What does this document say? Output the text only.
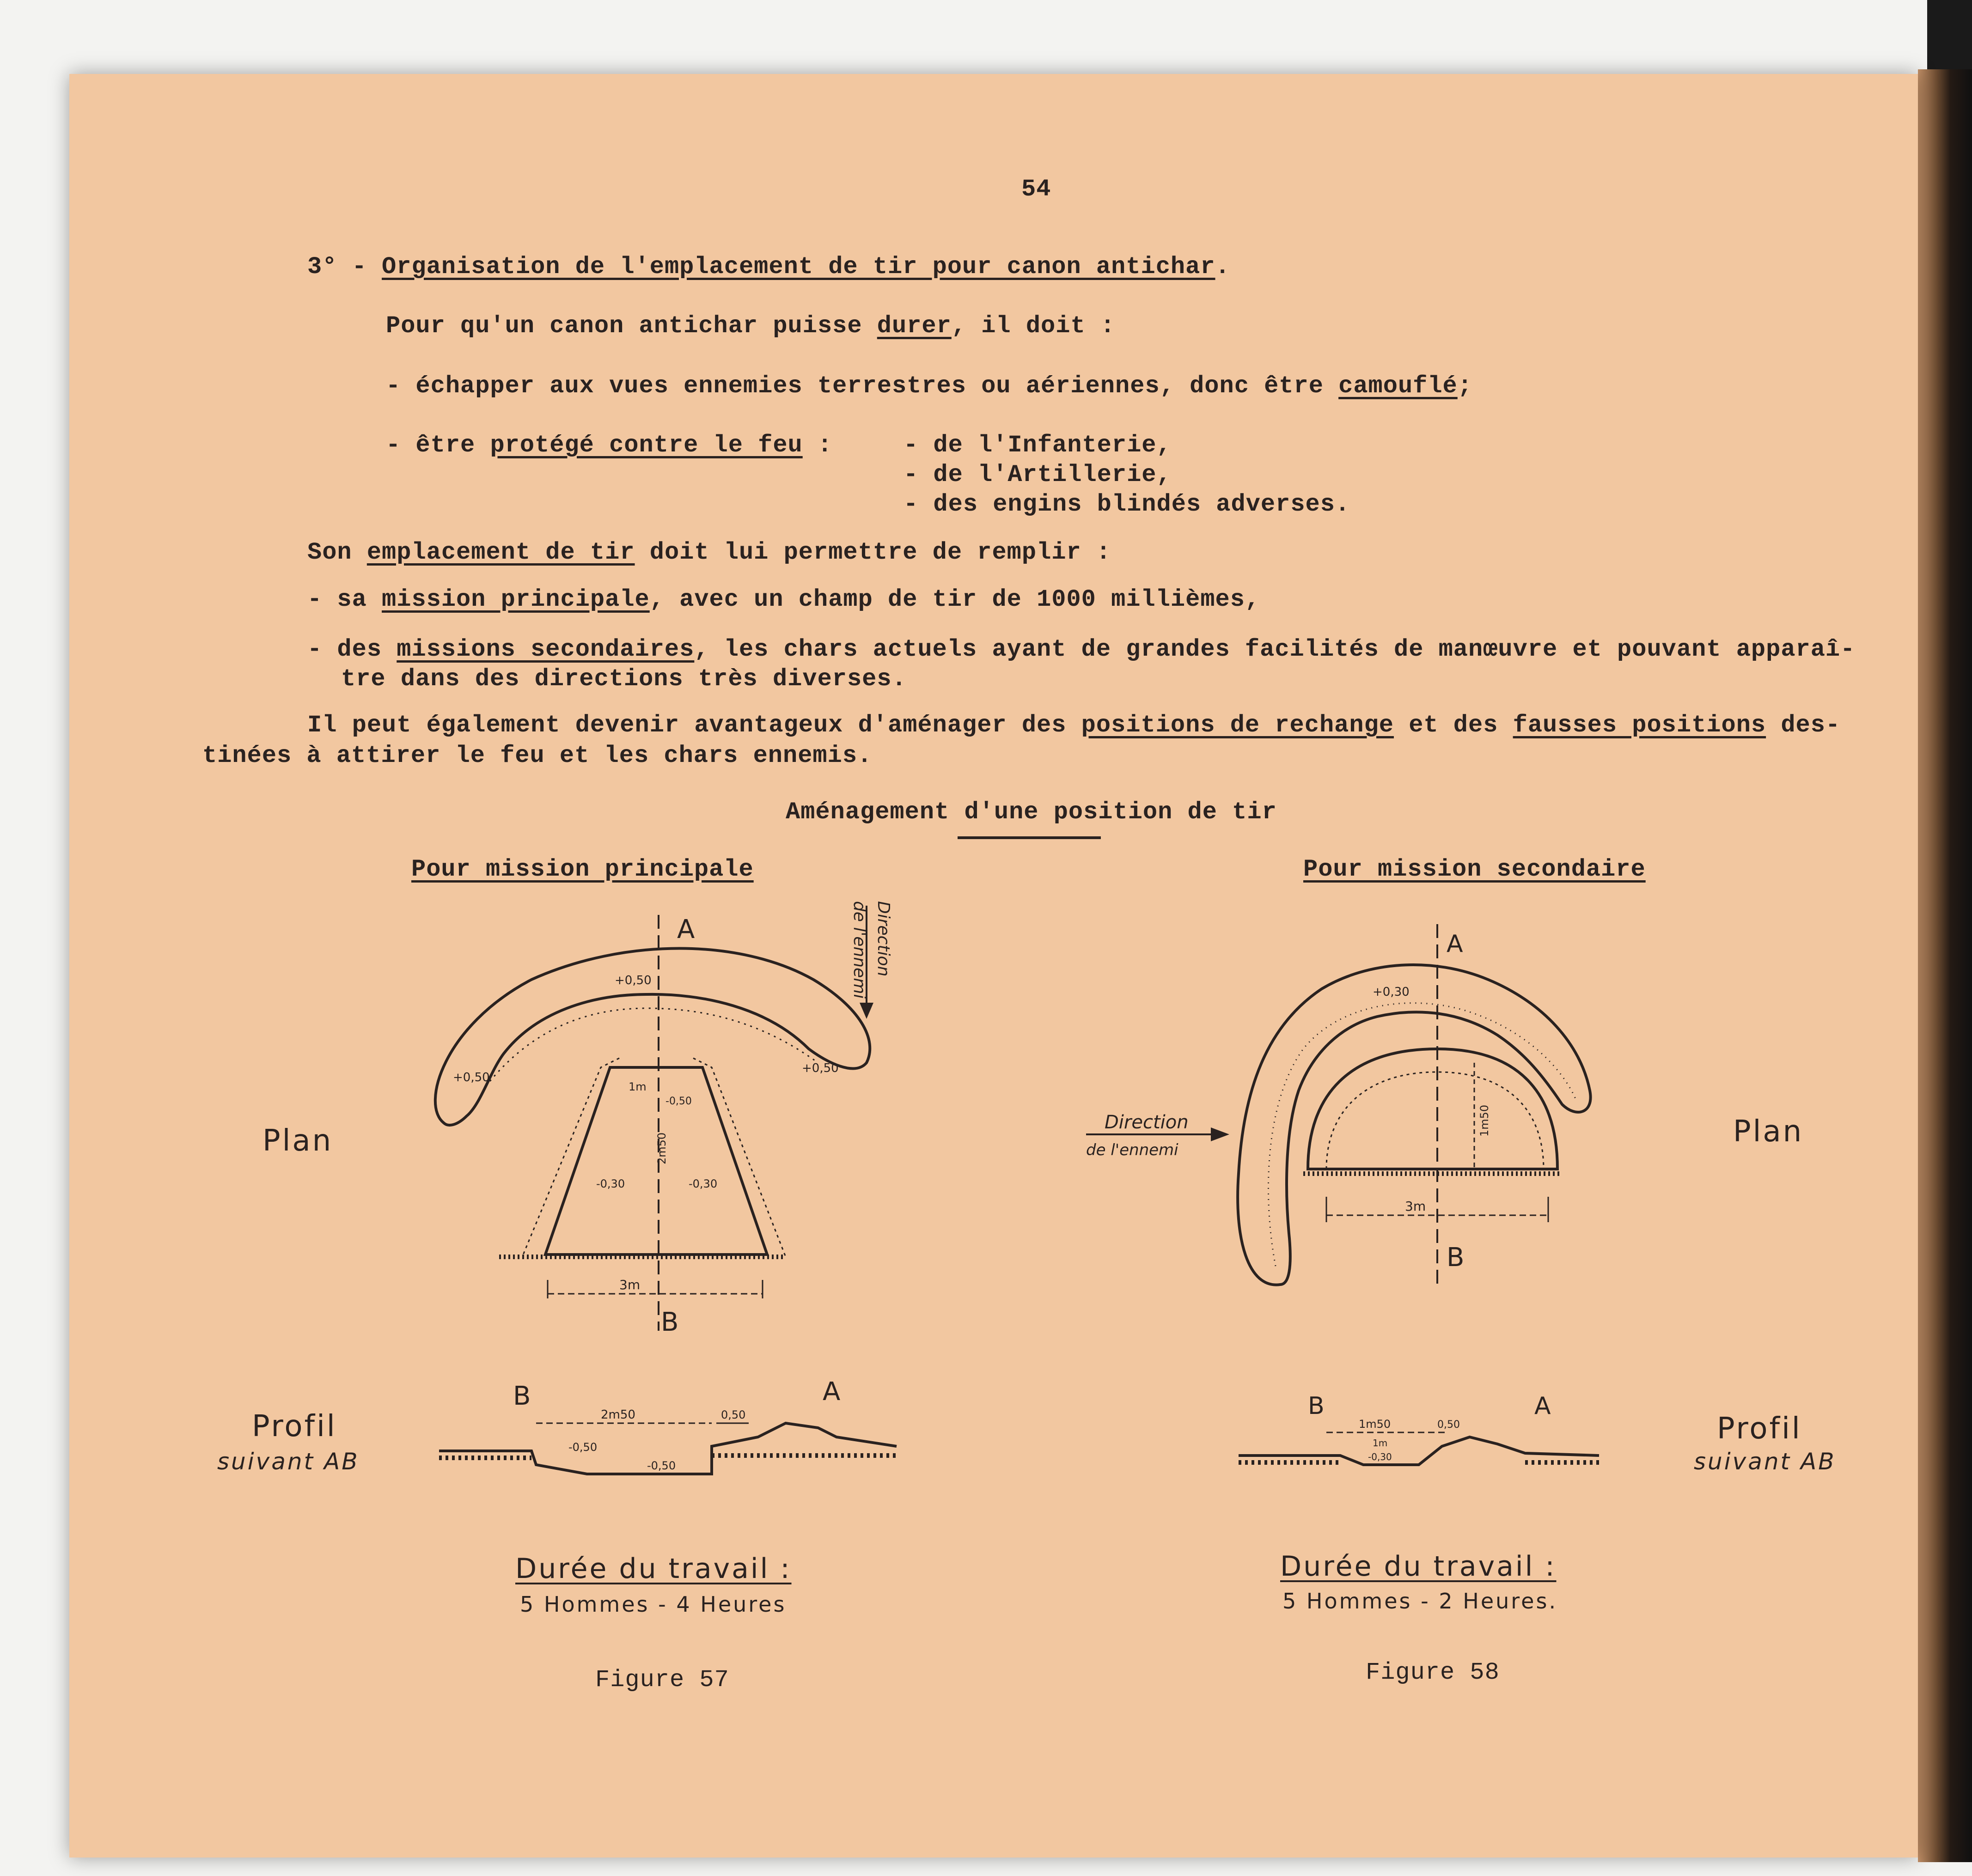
54
3° - Organisation de l'emplacement de tir pour canon antichar.
Pour qu'un canon antichar puisse durer, il doit :
- échapper aux vues ennemies terrestres ou aériennes, donc être camouflé;
- être protégé contre le feu :	- de l'Infanterie,
- de l'Artillerie,
- des engins blindés adverses.
Son emplacement de tir doit lui permettre de remplir :
- sa mission principale, avec un champ de tir de 1000 millièmes,
- des missions secondaires, les chars actuels ayant de grandes facilités de manœuvre et pouvant apparaî-
tre dans des directions très diverses.
Il peut également devenir avantageux d'aménager des positions de rechange et des fausses positions des-
tinées à attirer le feu et les chars ennemis.
Aménagement d'une position de tir
Pour mission principale	Pour mission secondaire
Plan	Plan
Profil
suivant AB
Profil
suivant AB
A
B
+0,50
+0,50
+0,50
1m
-0,50
2m50
-0,30	-0,30
3m
Direction
de l'ennemi
B	A
2m50	0,50
-0,50
-0,50
A
B
+0,30
1m50
3m
Direction
de l'ennemi
B	A
1m50	0,50
1m
-0,30
Durée du travail :
5 Hommes - 4 Heures
Durée du travail :
5 Hommes - 2 Heures.
Figure 57	Figure 58
